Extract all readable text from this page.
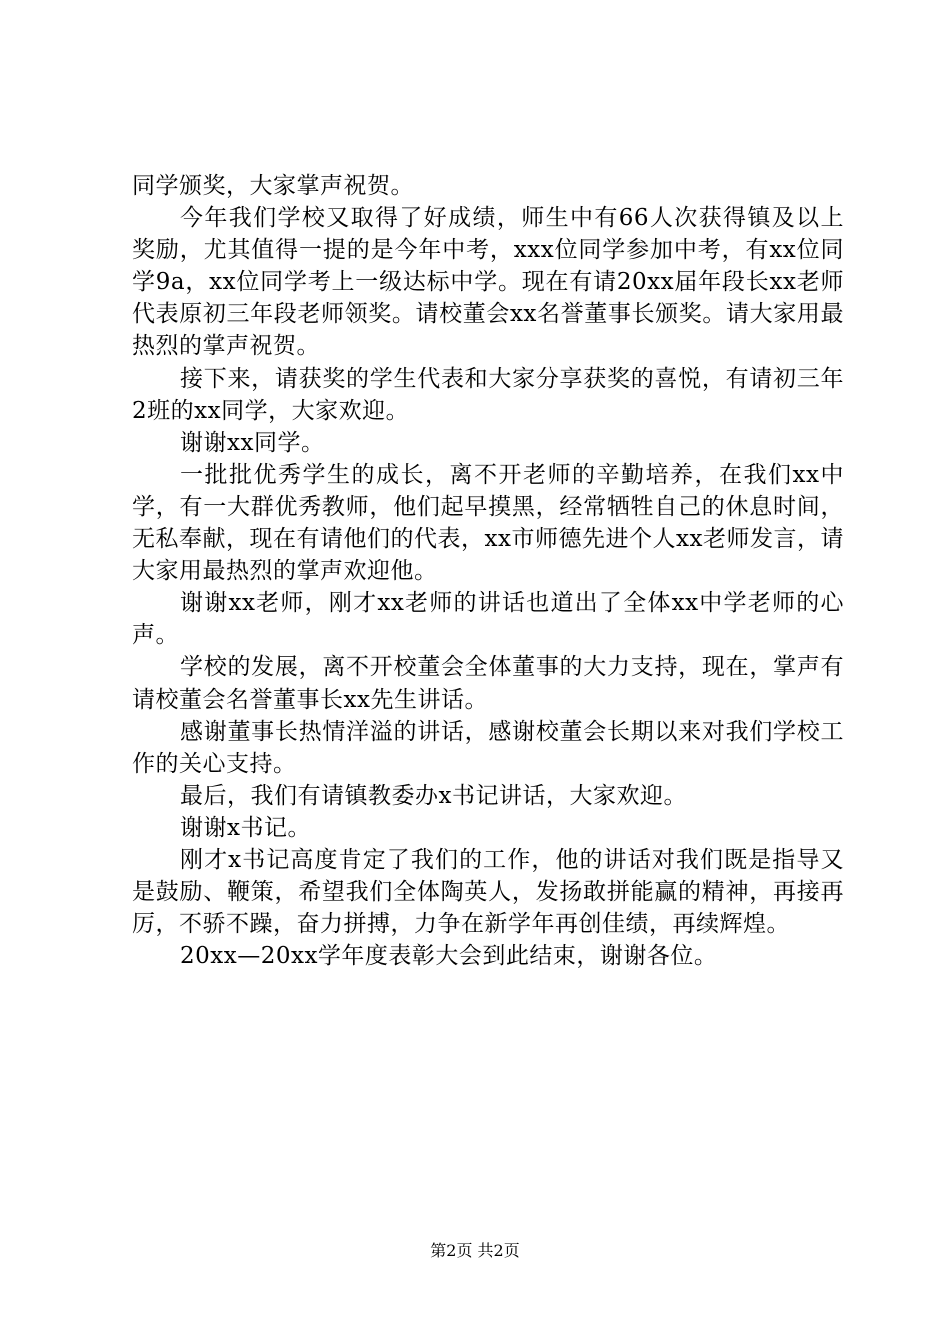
同学颁奖，大家掌声祝贺。

今年我们学校又取得了好成绩，师生中有66人次获得镇及以上奖励，尤其值得一提的是今年中考，xxx位同学参加中考，有xx位同学9a，xx位同学考上一级达标中学。现在有请20xx届年段长xx老师代表原初三年段老师领奖。请校董会xx名誉董事长颁奖。请大家用最热烈的掌声祝贺。

接下来，请获奖的学生代表和大家分享获奖的喜悦，有请初三年2班的xx同学，大家欢迎。

谢谢xx同学。

一批批优秀学生的成长，离不开老师的辛勤培养，在我们xx中学，有一大群优秀教师，他们起早摸黑，经常牺牲自己的休息时间，无私奉献，现在有请他们的代表，xx市师德先进个人xx老师发言，请大家用最热烈的掌声欢迎他。

谢谢xx老师，刚才xx老师的讲话也道出了全体xx中学老师的心声。

学校的发展，离不开校董会全体董事的大力支持，现在，掌声有请校董会名誉董事长xx先生讲话。

感谢董事长热情洋溢的讲话，感谢校董会长期以来对我们学校工作的关心支持。

最后，我们有请镇教委办x书记讲话，大家欢迎。

谢谢x书记。

刚才x书记高度肯定了我们的工作，他的讲话对我们既是指导又是鼓励、鞭策，希望我们全体陶英人，发扬敢拼能赢的精神，再接再厉，不骄不躁，奋力拼搏，力争在新学年再创佳绩，再续辉煌。

20xx—20xx学年度表彰大会到此结束，谢谢各位。

第2页 共2页
